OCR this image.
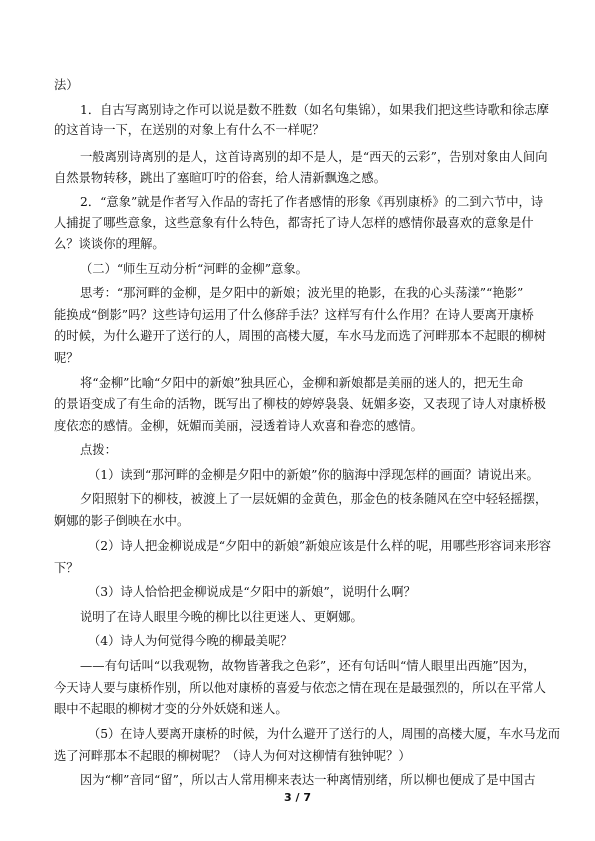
法）
1．自古写离别诗之作可以说是数不胜数（如名句集锦），如果我们把这些诗歌和徐志摩
的这首诗一下，在送别的对象上有什么不一样呢？
一般离别诗离别的是人，这首诗离别的却不是人，是“西天的云彩”，告别对象由人间向
自然景物转移，跳出了塞暄叮咛的俗套，给人清新飘逸之感。
2．“意象”就是作者写入作品的寄托了作者感情的形象《再别康桥》的二到六节中，诗
人捕捉了哪些意象，这些意象有什么特色，都寄托了诗人怎样的感情你最喜欢的意象是什
么？谈谈你的理解。
（二）“师生互动分析“河畔的金柳”意象。
思考：“那河畔的金柳，是夕阳中的新娘；波光里的艳影，在我的心头荡漾”“艳影”
能换成“倒影”吗？这些诗句运用了什么修辞手法？这样写有什么作用？在诗人要离开康桥
的时候，为什么避开了送行的人，周围的高楼大厦，车水马龙而选了河畔那本不起眼的柳树
呢？
将“金柳”比喻“夕阳中的新娘”独具匠心，金柳和新娘都是美丽的迷人的，把无生命
的景语变成了有生命的活物，既写出了柳枝的婷婷袅袅、妩媚多姿，又表现了诗人对康桥极
度依恋的感情。金柳，妩媚而美丽，浸透着诗人欢喜和眷恋的感情。
点拨：
（1）读到“那河畔的金柳是夕阳中的新娘”你的脑海中浮现怎样的画面？请说出来。
夕阳照射下的柳枝，被渡上了一层妩媚的金黄色，那金色的枝条随风在空中轻轻摇摆，
婀娜的影子倒映在水中。
（2）诗人把金柳说成是“夕阳中的新娘”新娘应该是什么样的呢，用哪些形容词来形容
下？
（3）诗人恰恰把金柳说成是“夕阳中的新娘”，说明什么啊？
说明了在诗人眼里今晚的柳比以往更迷人、更婀娜。
（4）诗人为何觉得今晚的柳最美呢？
——有句话叫“以我观物，故物皆著我之色彩”，还有句话叫“情人眼里出西施”因为，
今天诗人要与康桥作别，所以他对康桥的喜爱与依恋之情在现在是最强烈的，所以在平常人
眼中不起眼的柳树才变的分外妖娆和迷人。
（5）在诗人要离开康桥的时候，为什么避开了送行的人，周围的高楼大厦，车水马龙而
选了河畔那本不起眼的柳树呢？（诗人为何对这柳情有独钟呢？）
因为“柳”音同“留”，所以古人常用柳来表达一种离情别绪，所以柳也便成了是中国古
3 / 7
